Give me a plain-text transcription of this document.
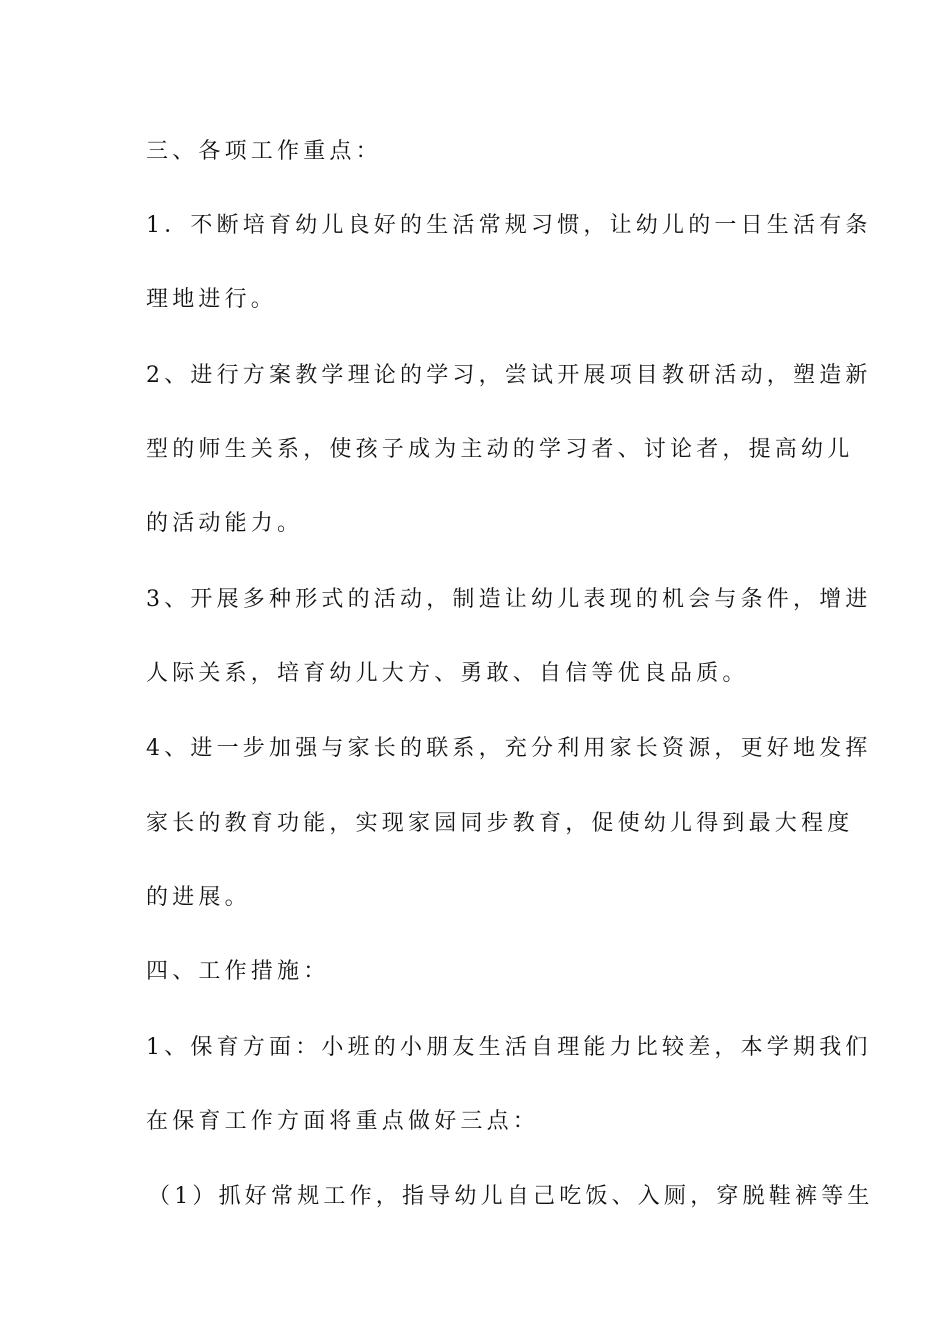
三、各项工作重点：
1．不断培育幼儿良好的生活常规习惯，让幼儿的一日生活有条
理地进行。
2、进行方案教学理论的学习，尝试开展项目教研活动，塑造新
型的师生关系，使孩子成为主动的学习者、讨论者，提高幼儿
的活动能力。
3、开展多种形式的活动，制造让幼儿表现的机会与条件，增进
人际关系，培育幼儿大方、勇敢、自信等优良品质。
4、进一步加强与家长的联系，充分利用家长资源，更好地发挥
家长的教育功能，实现家园同步教育，促使幼儿得到最大程度
的进展。
四、工作措施：
1、保育方面：小班的小朋友生活自理能力比较差，本学期我们
在保育工作方面将重点做好三点：
（1）抓好常规工作，指导幼儿自己吃饭、入厕，穿脱鞋裤等生
